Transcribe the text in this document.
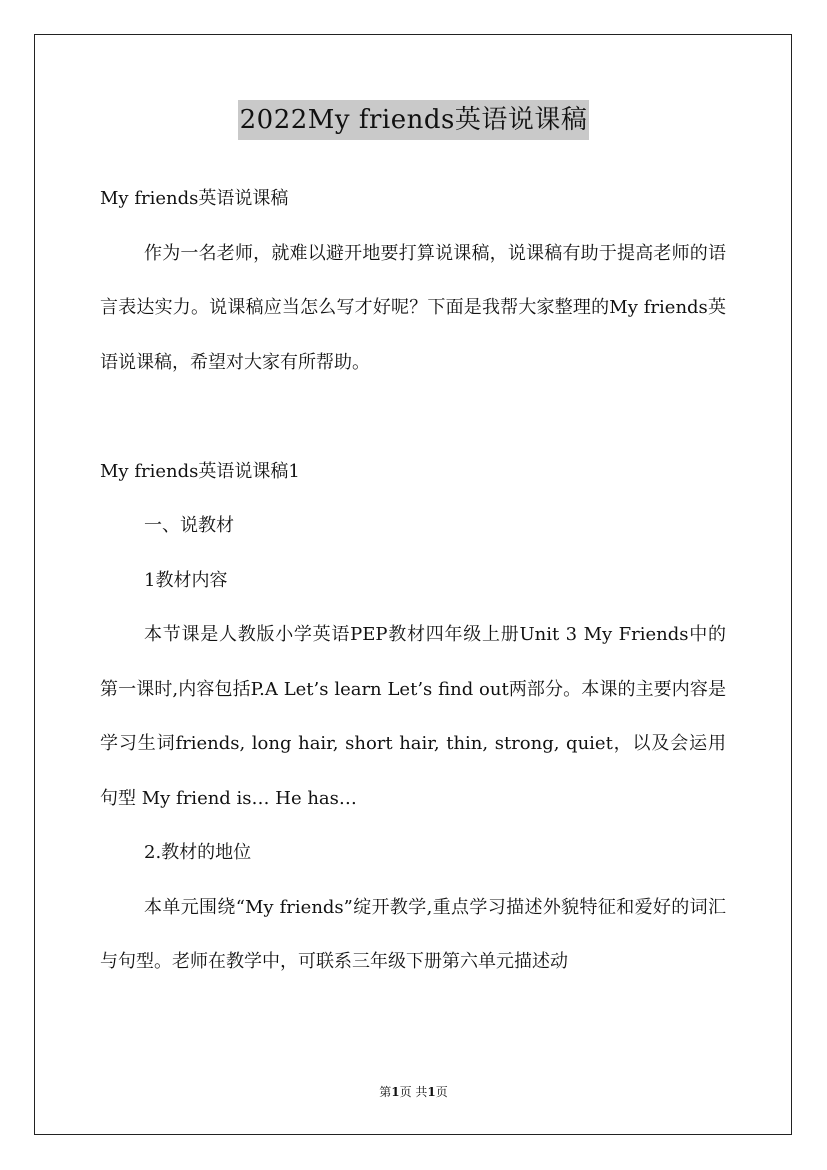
2022My friends英语说课稿

My friends英语说课稿

作为一名老师，就难以避开地要打算说课稿，说课稿有助于提高老师的语言表达实力。说课稿应当怎么写才好呢？下面是我帮大家整理的My friends英语说课稿，希望对大家有所帮助。

My friends英语说课稿1

一、说教材

1教材内容

本节课是人教版小学英语PEP教材四年级上册Unit 3 My Friends中的第一课时,内容包括P.A Let’s learn Let’s find out两部分。本课的主要内容是学习生词friends, long hair, short hair, thin, strong, quiet，以及会运用句型 My friend is… He has…

2.教材的地位

本单元围绕“My friends”绽开教学,重点学习描述外貌特征和爱好的词汇与句型。老师在教学中，可联系三年级下册第六单元描述动

第1页 共1页
